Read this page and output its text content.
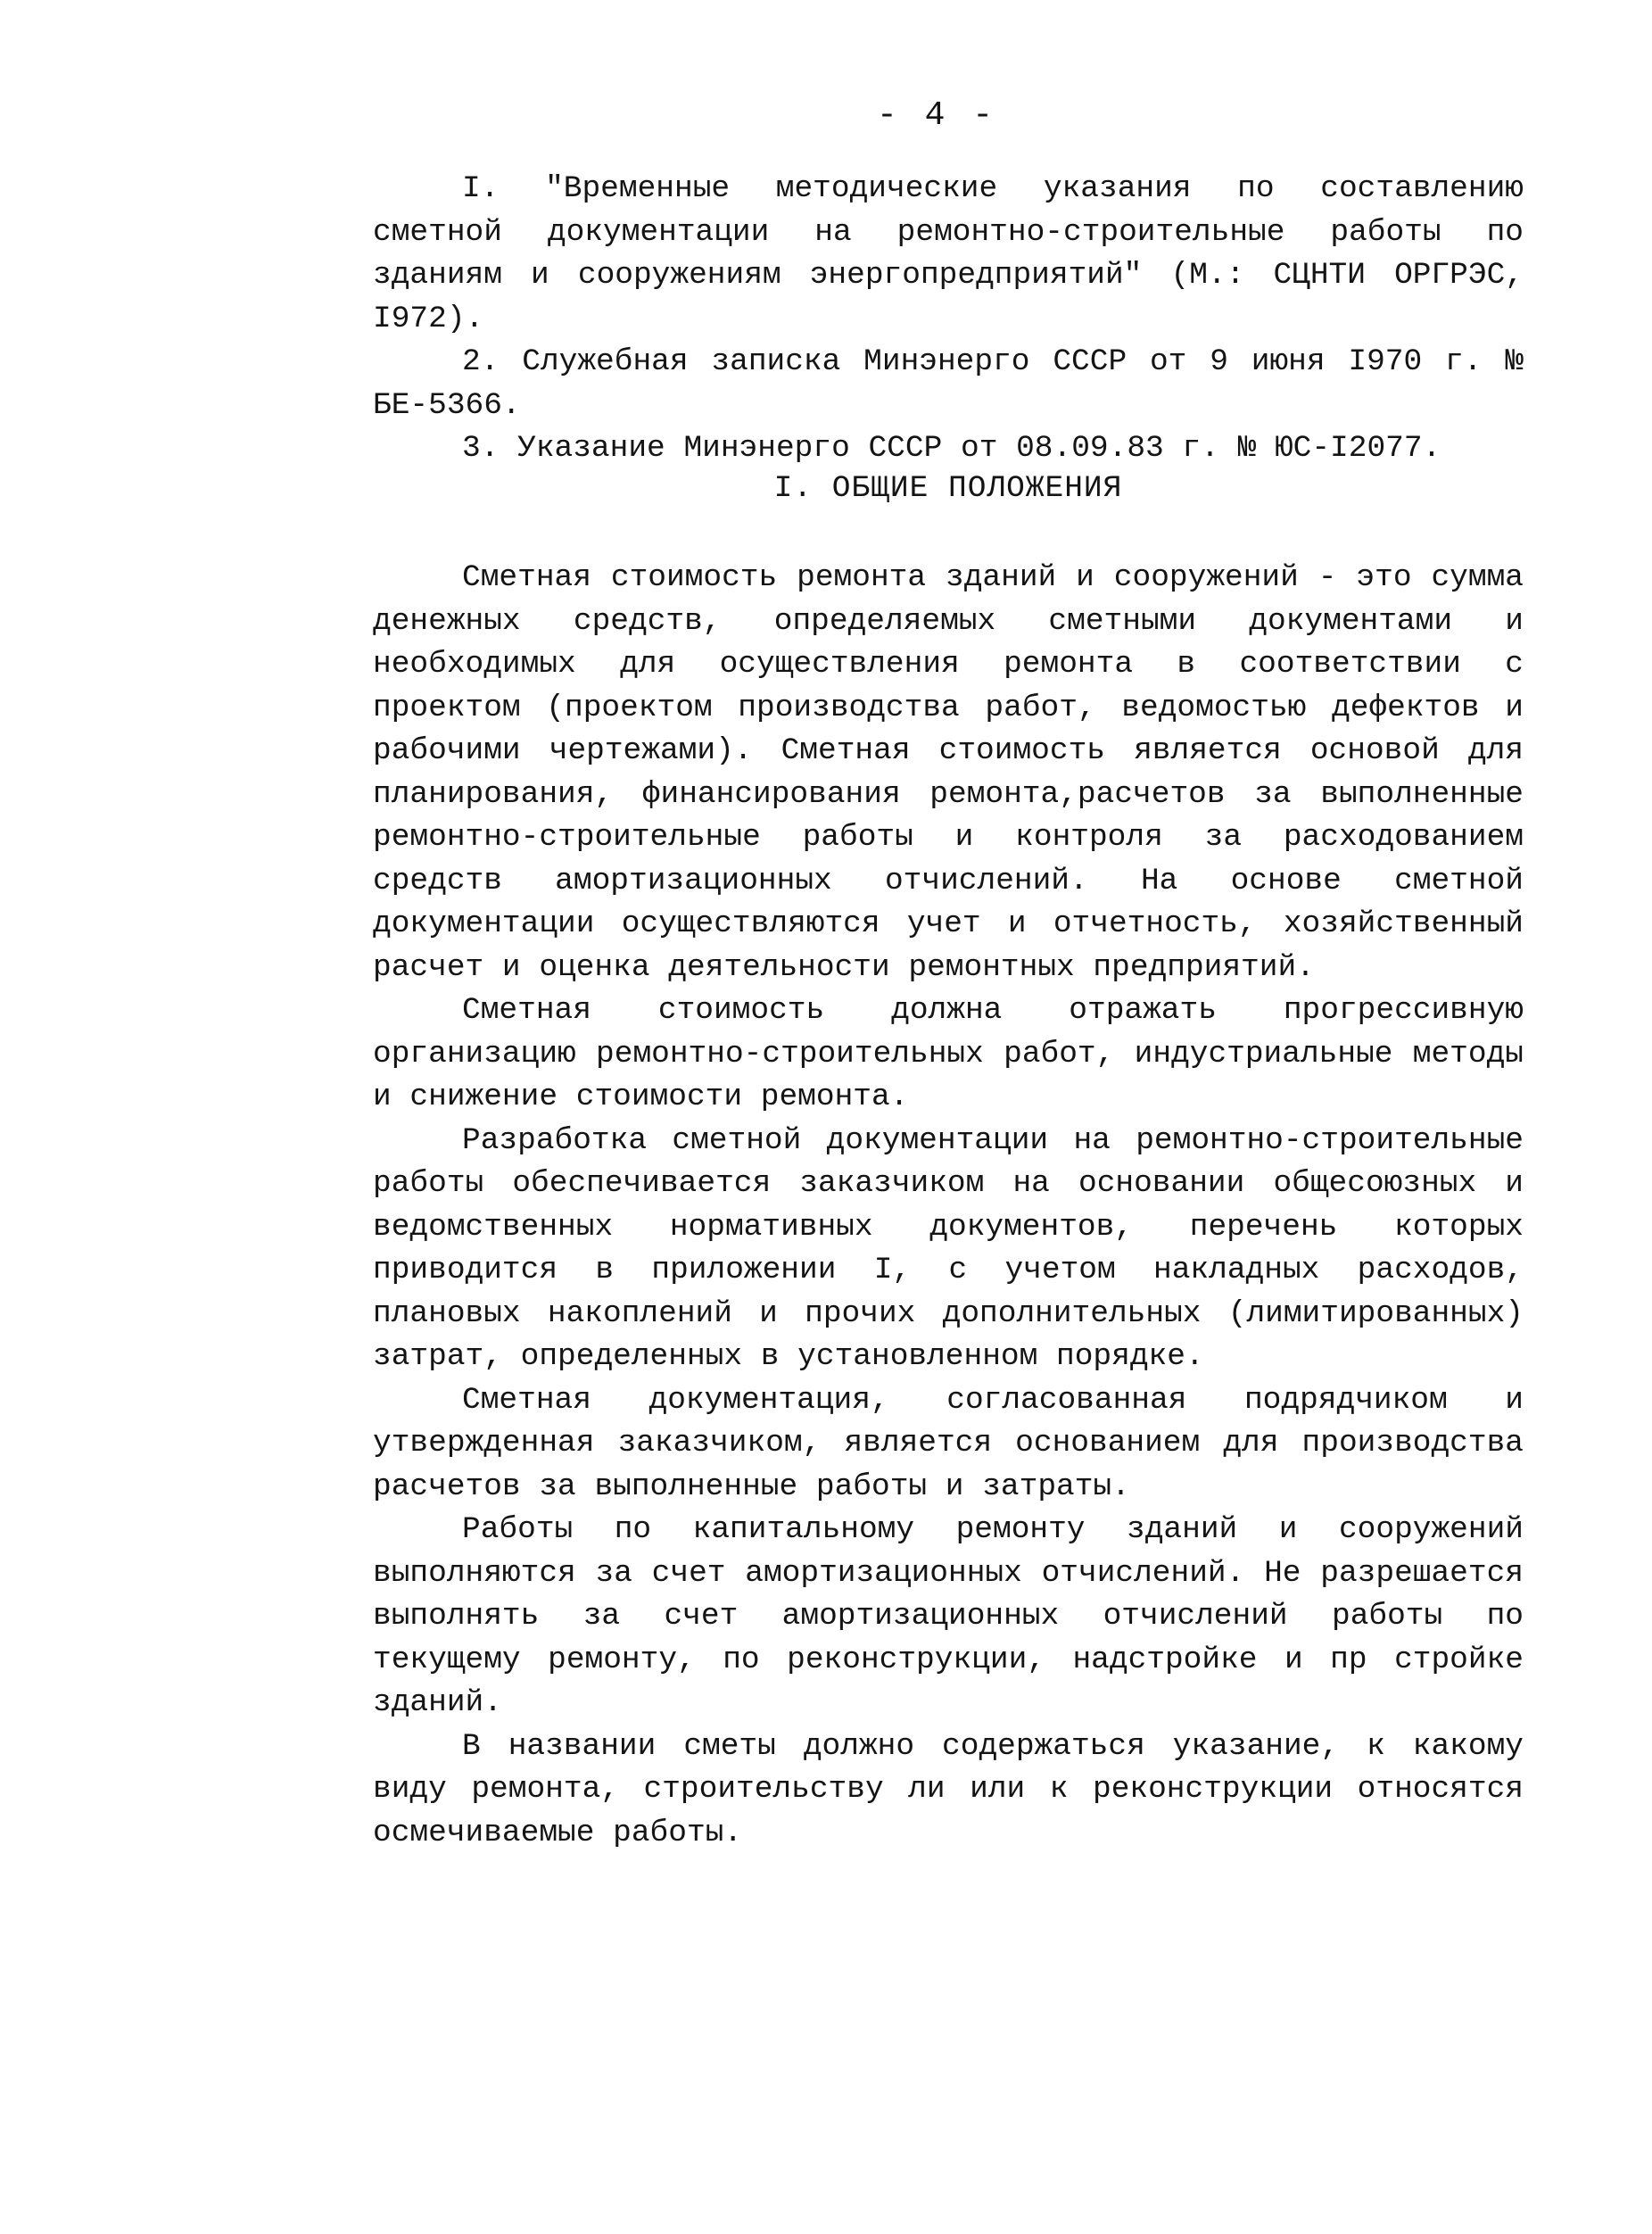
- 4 -

I. "Временные методические указания по составлению сметной документации на ремонтно-строительные работы по зданиям и сооружениям энергопредприятий" (М.: СЦНТИ ОРГРЭС, I972).

2. Служебная записка Минэнерго СССР от 9 июня I970 г. № БЕ-5366.

3. Указание Минэнерго СССР от 08.09.83 г. № ЮС-I2077.

I. ОБЩИЕ ПОЛОЖЕНИЯ

Сметная стоимость ремонта зданий и сооружений - это сумма денежных средств, определяемых сметными документами и необходимых для осуществления ремонта в соответствии с проектом (проектом производства работ, ведомостью дефектов и рабочими чертежами). Сметная стоимость является основой для планирования, финансирования ремонта,расчетов за выполненные ремонтно-строительные работы и контроля за расходованием средств амортизационных отчислений. На основе сметной документации осуществляются учет и отчетность, хозяйственный расчет и оценка деятельности ремонтных предприятий.

Сметная стоимость должна отражать прогрессивную организацию ремонтно-строительных работ, индустриальные методы и снижение стоимости ремонта.

Разработка сметной документации на ремонтно-строительные работы обеспечивается заказчиком на основании общесоюзных и ведомственных нормативных документов, перечень которых приводится в приложении I, с учетом накладных расходов, плановых накоплений и прочих дополнительных (лимитированных) затрат, определенных в установленном порядке.

Сметная документация, согласованная подрядчиком и утвержденная заказчиком, является основанием для производства расчетов за выполненные работы и затраты.

Работы по капитальному ремонту зданий и сооружений выполняются за счет амортизационных отчислений. Не разрешается выполнять за счет амортизационных отчислений работы по текущему ремонту, по реконструкции, надстройке и пр стройке зданий.

В названии сметы должно содержаться указание, к какому виду ремонта, строительству ли или к реконструкции относятся осмечиваемые работы.
